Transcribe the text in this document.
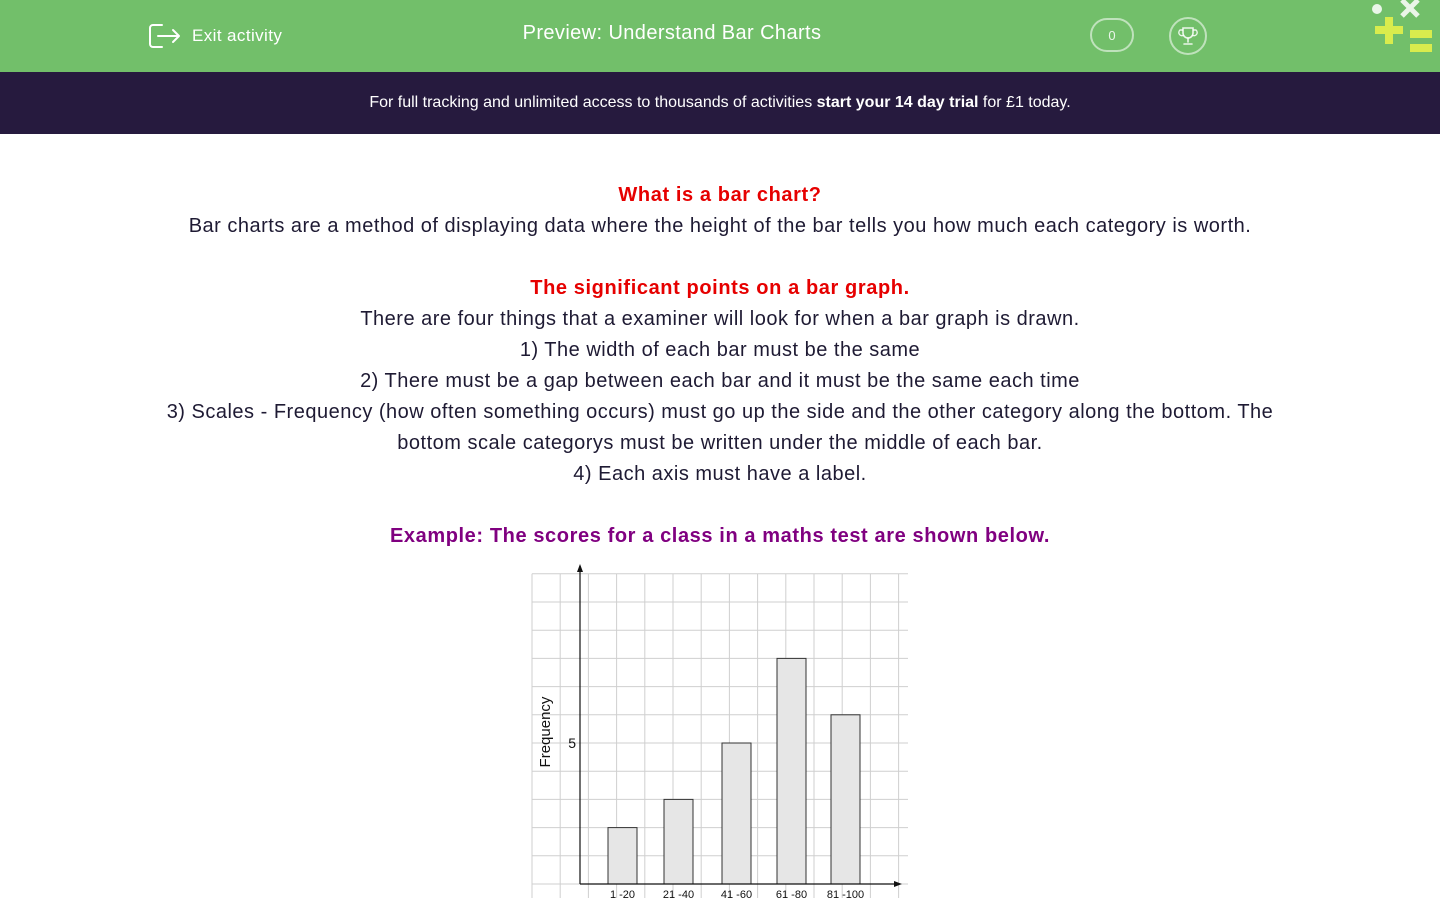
Exit activity	Preview: Understand Bar Charts	0
For full tracking and unlimited access to thousands of activities start your 14 day trial for £1 today.
What is a bar chart?
Bar charts are a method of displaying data where the height of the bar tells you how much each category is worth.
The significant points on a bar graph.
There are four things that a examiner will look for when a bar graph is drawn.
1) The width of each bar must be the same
2) There must be a gap between each bar and it must be the same each time
3) Scales - Frequency (how often something occurs) must go up the side and the other category along the bottom. The bottom scale categorys must be written under the middle of each bar.
4) Each axis must have a label.
Example: The scores for a class in a maths test are shown below.
1 -20	21 -40 41 -60 61 -80 81 -100
5
Frequency
